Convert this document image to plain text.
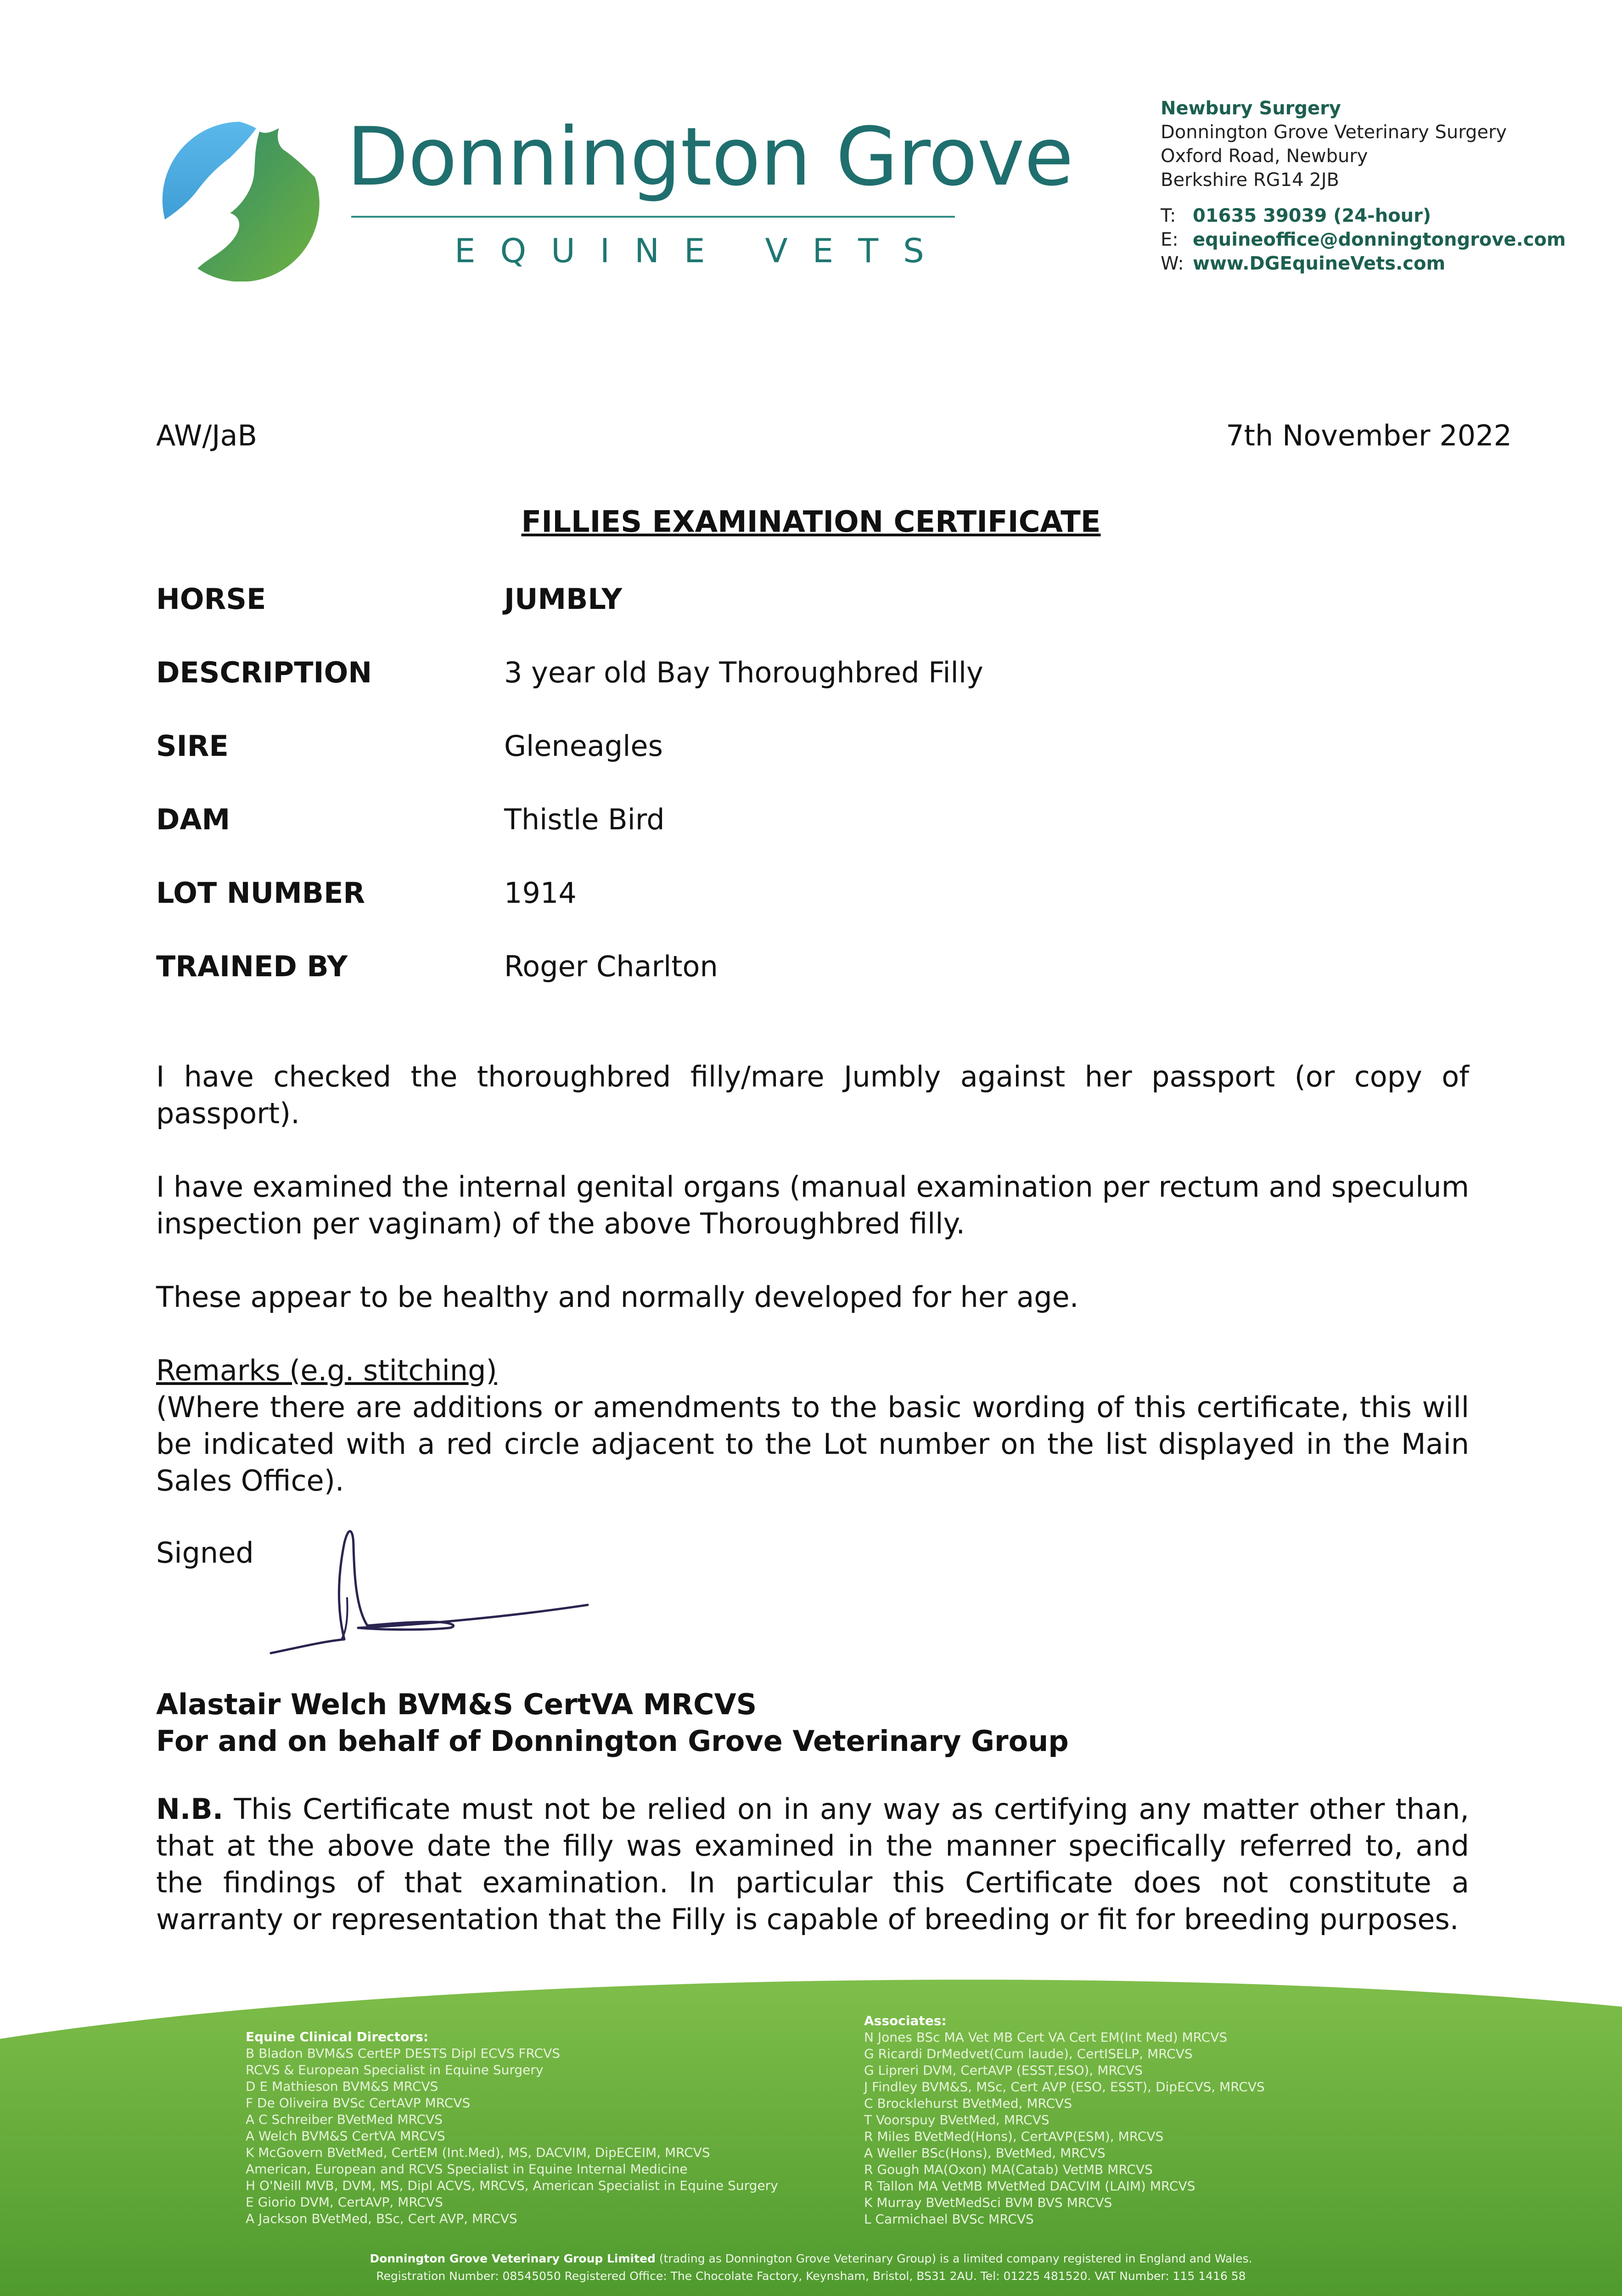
Donnington Grove
EQUINE VETS
Newbury Surgery
Donnington Grove Veterinary Surgery
Oxford Road, Newbury
Berkshire RG14 2JB
T: 01635 39039 (24-hour)
E: equineoffice@donningtongrove.com
W: www.DGEquineVets.com
AW/JaB	7th November 2022
FILLIES EXAMINATION CERTIFICATE
HORSE	JUMBLY
DESCRIPTION	3 year old Bay Thoroughbred Filly
SIRE	Gleneagles
DAM	Thistle Bird
LOT NUMBER	1914
TRAINED BY	Roger Charlton
I have checked the thoroughbred filly/mare Jumbly against her passport (or copy of passport).
I have examined the internal genital organs (manual examination per rectum and speculum inspection per vaginam) of the above Thoroughbred filly.
These appear to be healthy and normally developed for her age.
Remarks (e.g. stitching)
(Where there are additions or amendments to the basic wording of this certificate, this will be indicated with a red circle adjacent to the Lot number on the list displayed in the Main Sales Office).
Signed
Alastair Welch BVM&S CertVA MRCVS
For and on behalf of Donnington Grove Veterinary Group
N.B. This Certificate must not be relied on in any way as certifying any matter other than, that at the above date the filly was examined in the manner specifically referred to, and the findings of that examination. In particular this Certificate does not constitute a warranty or representation that the Filly is capable of breeding or fit for breeding purposes.
Equine Clinical Directors:
B Bladon BVM&S CertEP DESTS Dipl ECVS FRCVS
RCVS & European Specialist in Equine Surgery
D E Mathieson BVM&S MRCVS
F De Oliveira BVSc CertAVP MRCVS
A C Schreiber BVetMed MRCVS
A Welch BVM&S CertVA MRCVS
K McGovern BVetMed, CertEM (Int.Med), MS, DACVIM, DipECEIM, MRCVS
American, European and RCVS Specialist in Equine Internal Medicine
H O'Neill MVB, DVM, MS, Dipl ACVS, MRCVS, American Specialist in Equine Surgery
E Giorio DVM, CertAVP, MRCVS
A Jackson BVetMed, BSc, Cert AVP, MRCVS
Associates:
N Jones BSc MA Vet MB Cert VA Cert EM(Int Med) MRCVS
G Ricardi DrMedvet(Cum laude), CertISELP, MRCVS
G Lipreri DVM, CertAVP (ESST,ESO), MRCVS
J Findley BVM&S, MSc, Cert AVP (ESO, ESST), DipECVS, MRCVS
C Brocklehurst BVetMed, MRCVS
T Voorspuy BVetMed, MRCVS
R Miles BVetMed(Hons), CertAVP(ESM), MRCVS
A Weller BSc(Hons), BVetMed, MRCVS
R Gough MA(Oxon) MA(Catab) VetMB MRCVS
R Tallon MA VetMB MVetMed DACVIM (LAIM) MRCVS
K Murray BVetMedSci BVM BVS MRCVS
L Carmichael BVSc MRCVS
Donnington Grove Veterinary Group Limited (trading as Donnington Grove Veterinary Group) is a limited company registered in England and Wales.
Registration Number: 08545050 Registered Office: The Chocolate Factory, Keynsham, Bristol, BS31 2AU. Tel: 01225 481520. VAT Number: 115 1416 58
